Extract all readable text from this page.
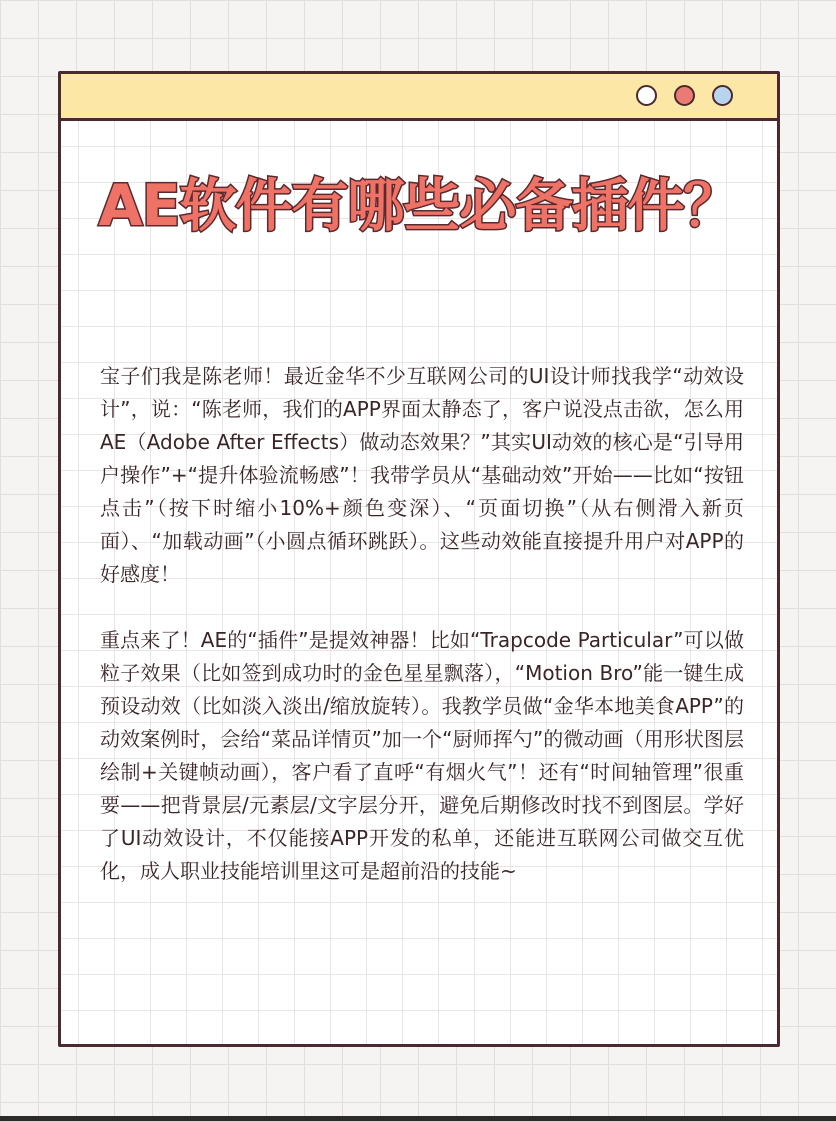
AE软件有哪些必备插件？

宝子们我是陈老师！最近金华不少互联网公司的UI设计师找我学“动效设计”，说：“陈老师，我们的APP界面太静态了，客户说没点击欲，怎么用AE（Adobe After Effects）做动态效果？”其实UI动效的核心是“引导用户操作”+“提升体验流畅感”！我带学员从“基础动效”开始——比如“按钮点击”（按下时缩小10%+颜色变深）、“页面切换”（从右侧滑入新页面）、“加载动画”（小圆点循环跳跃）。这些动效能直接提升用户对APP的好感度！

重点来了！AE的“插件”是提效神器！比如“Trapcode Particular”可以做粒子效果（比如签到成功时的金色星星飘落），“Motion Bro”能一键生成预设动效（比如淡入淡出/缩放旋转）。我教学员做“金华本地美食APP”的动效案例时，会给“菜品详情页”加一个“厨师挥勺”的微动画（用形状图层绘制+关键帧动画），客户看了直呼“有烟火气”！还有“时间轴管理”很重要——把背景层/元素层/文字层分开，避免后期修改时找不到图层。学好了UI动效设计，不仅能接APP开发的私单，还能进互联网公司做交互优化，成人职业技能培训里这可是超前沿的技能~
